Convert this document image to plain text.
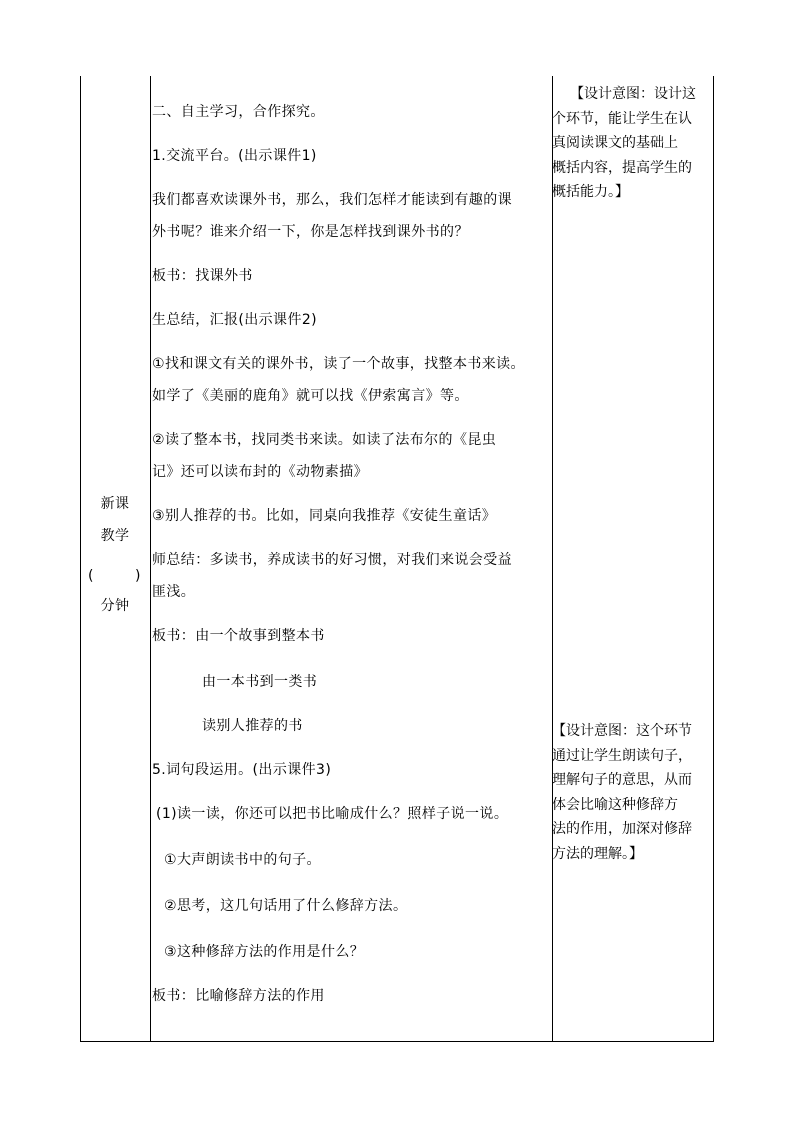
新课
教学
(	)
分钟
二、自主学习，合作探究。
1.交流平台。(出示课件1)
我们都喜欢读课外书，那么，我们怎样才能读到有趣的课
外书呢？谁来介绍一下，你是怎样找到课外书的？
板书：找课外书
生总结，汇报(出示课件2)
①找和课文有关的课外书，读了一个故事，找整本书来读。
如学了《美丽的鹿角》就可以找《伊索寓言》等。
②读了整本书，找同类书来读。如读了法布尔的《昆虫
记》还可以读布封的《动物素描》
③别人推荐的书。比如，同桌向我推荐《安徒生童话》
师总结：多读书，养成读书的好习惯，对我们来说会受益
匪浅。
板书：由一个故事到整本书
由一本书到一类书
读别人推荐的书
5.词句段运用。(出示课件3)
(1)读一读，你还可以把书比喻成什么？照样子说一说。
①大声朗读书中的句子。
②思考，这几句话用了什么修辞方法。
③这种修辞方法的作用是什么？
板书：比喻修辞方法的作用
【设计意图：设计这
个环节，能让学生在认
真阅读课文的基础上
概括内容，提高学生的
概括能力。】
【设计意图：这个环节
通过让学生朗读句子，
理解句子的意思，从而
体会比喻这种修辞方
法的作用，加深对修辞
方法的理解。】
